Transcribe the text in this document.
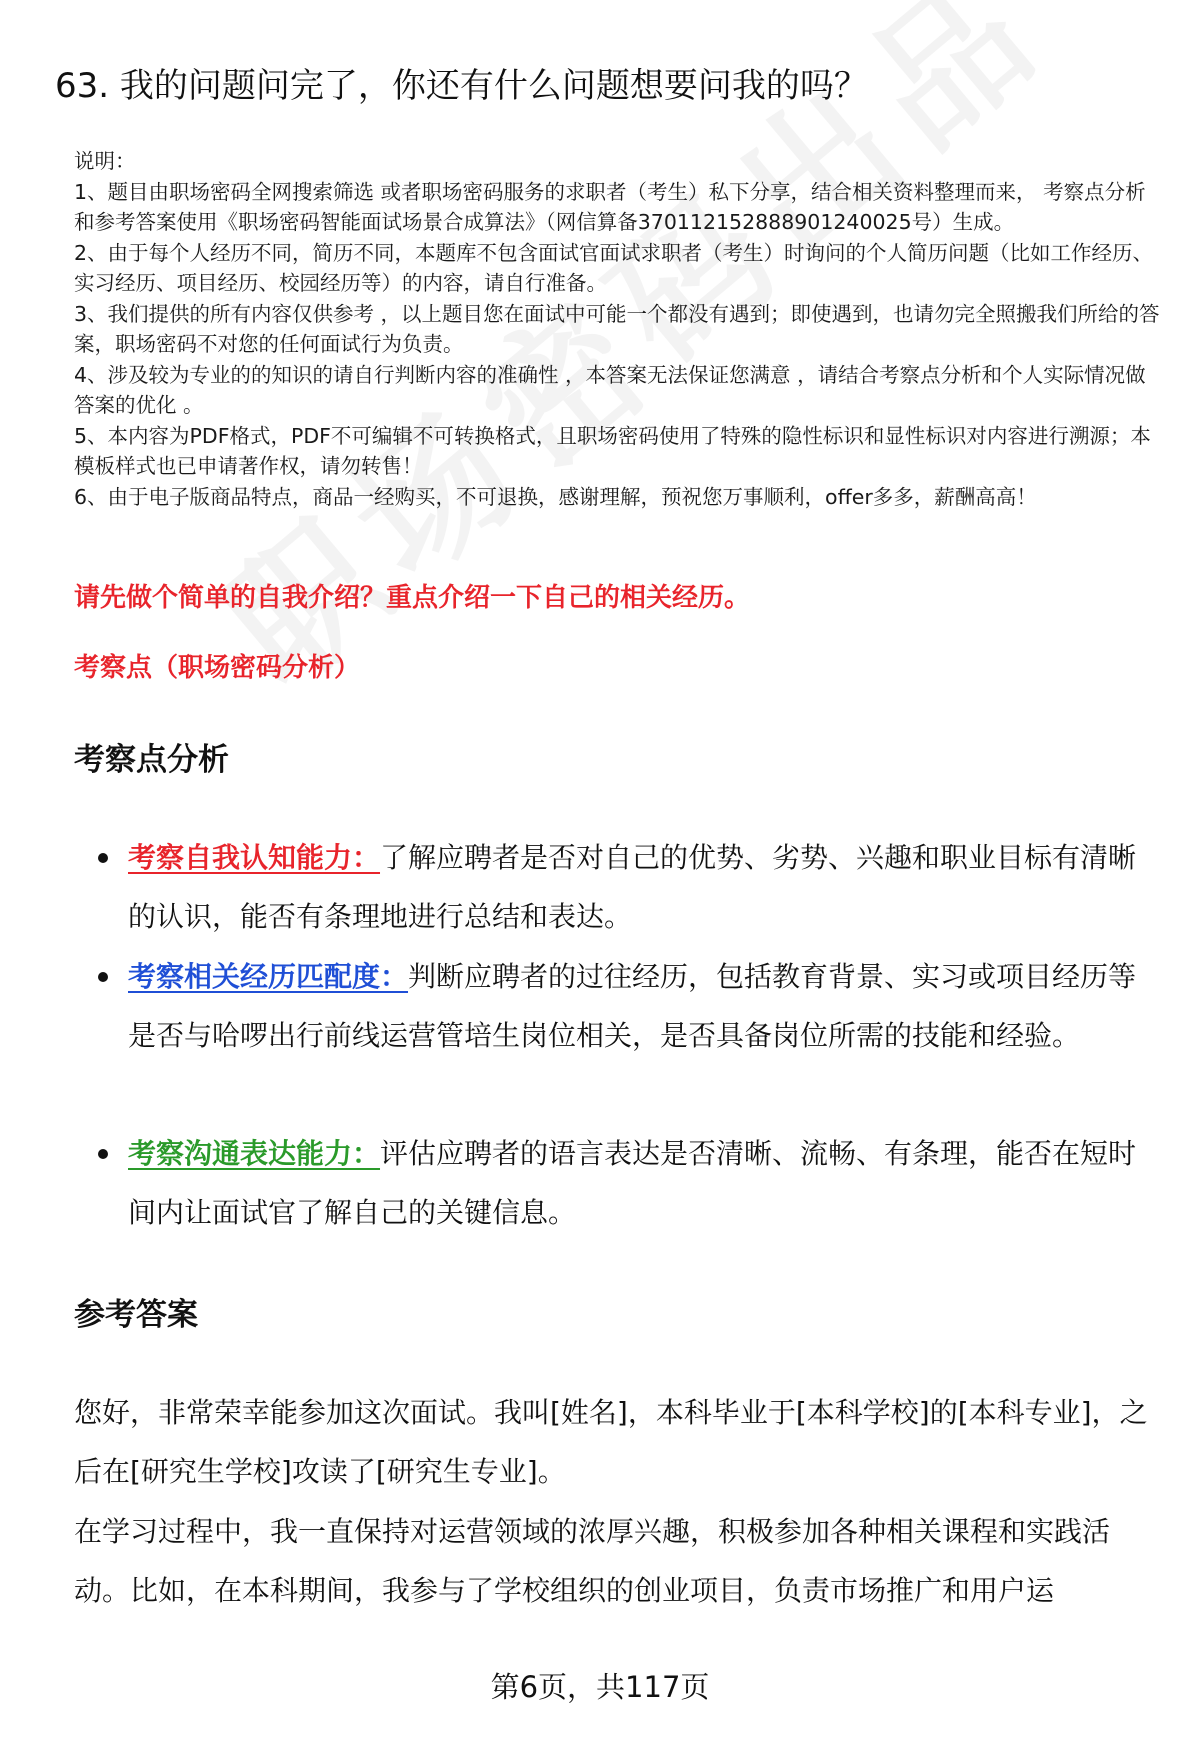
63. 我的问题问完了，你还有什么问题想要问我的吗？

说明：

1、题目由职场密码全网搜索筛选 或者职场密码服务的求职者（考生）私下分享，结合相关资料整理而来， 考察点分析和参考答案使用《职场密码智能面试场景合成算法》（网信算备370112152888901240025号）生成。

2、由于每个人经历不同，简历不同，本题库不包含面试官面试求职者（考生）时询问的个人简历问题（比如工作经历、实习经历、项目经历、校园经历等）的内容，请自行准备。

3、我们提供的所有内容仅供参考 ，以上题目您在面试中可能一个都没有遇到；即使遇到，也请勿完全照搬我们所给的答案，职场密码不对您的任何面试行为负责。

4、涉及较为专业的的知识的请自行判断内容的准确性 ，本答案无法保证您满意 ，请结合考察点分析和个人实际情况做答案的优化 。

5、本内容为PDF格式，PDF不可编辑不可转换格式，且职场密码使用了特殊的隐性标识和显性标识对内容进行溯源；本模板样式也已申请著作权，请勿转售！

6、由于电子版商品特点，商品一经购买，不可退换，感谢理解，预祝您万事顺利，offer多多，薪酬高高！

请先做个简单的自我介绍？重点介绍一下自己的相关经历。
考察点（职场密码分析）
考察点分析
考察自我认知能力：了解应聘者是否对自己的优势、劣势、兴趣和职业目标有清晰的认识，能否有条理地进行总结和表达。
考察相关经历匹配度：判断应聘者的过往经历，包括教育背景、实习或项目经历等是否与哈啰出行前线运营管培生岗位相关，是否具备岗位所需的技能和经验。
考察沟通表达能力：评估应聘者的语言表达是否清晰、流畅、有条理，能否在短时间内让面试官了解自己的关键信息。
参考答案
您好，非常荣幸能参加这次面试。我叫[姓名]，本科毕业于[本科学校]的[本科专业]，之后在[研究生学校]攻读了[研究生专业]。
在学习过程中，我一直保持对运营领域的浓厚兴趣，积极参加各种相关课程和实践活动。比如，在本科期间，我参与了学校组织的创业项目，负责市场推广和用户运
第6页，共117页
